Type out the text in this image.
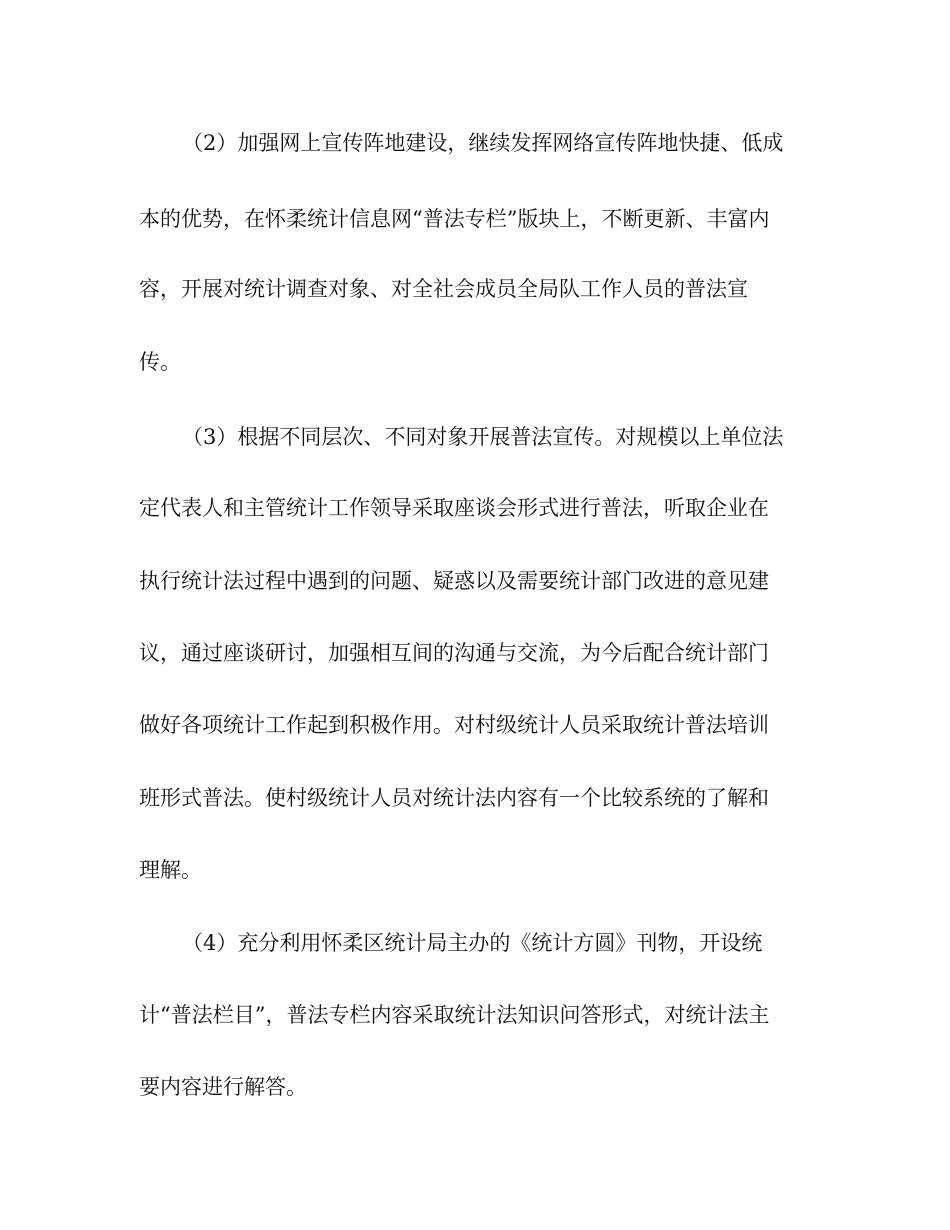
（2）加强网上宣传阵地建设，继续发挥网络宣传阵地快捷、低成
本的优势，在怀柔统计信息网“普法专栏”版块上，不断更新、丰富内
容，开展对统计调查对象、对全社会成员全局队工作人员的普法宣
传。
（3）根据不同层次、不同对象开展普法宣传。对规模以上单位法
定代表人和主管统计工作领导采取座谈会形式进行普法，听取企业在
执行统计法过程中遇到的问题、疑惑以及需要统计部门改进的意见建
议，通过座谈研讨，加强相互间的沟通与交流，为今后配合统计部门
做好各项统计工作起到积极作用。对村级统计人员采取统计普法培训
班形式普法。使村级统计人员对统计法内容有一个比较系统的了解和
理解。
（4）充分利用怀柔区统计局主办的《统计方圆》刊物，开设统
计“普法栏目”，普法专栏内容采取统计法知识问答形式，对统计法主
要内容进行解答。
